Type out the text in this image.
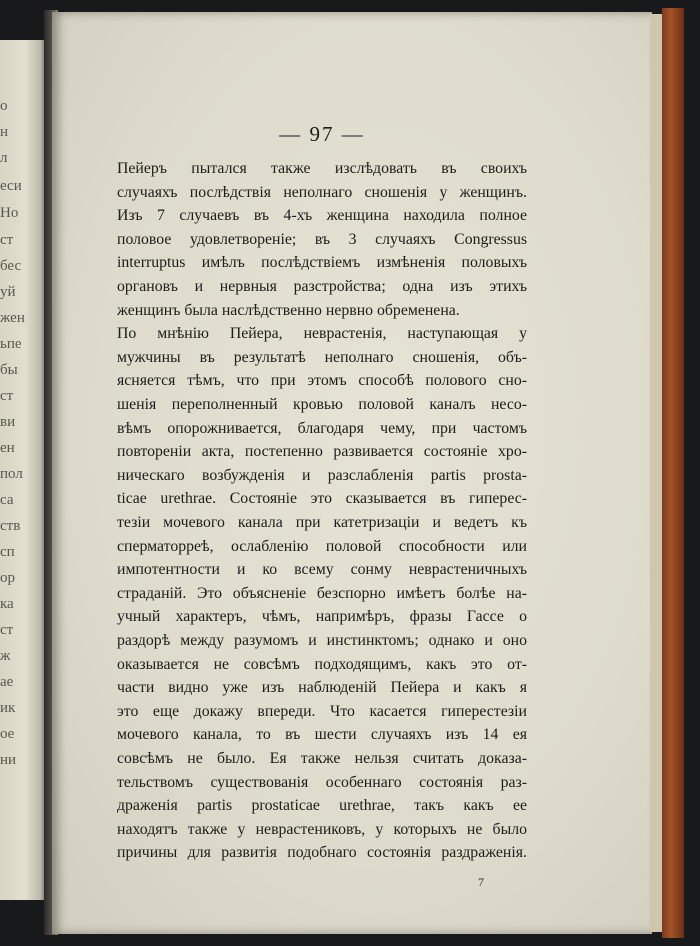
о
н
л
еси
Но
ст
бес
уй
жен
ьпе
бы
ст
ви
ен
пол
са
ств
сп
ор
ка
ст
ж
ае
ик
ое
ни
— 97 —
Пейеръ пытался также изслѣдовать въ своихъ
случаяхъ послѣдствія неполнаго сношенія у женщинъ.
Изъ 7 случаевъ въ 4-хъ женщина находила полное
половое удовлетвореніе; въ 3 случаяхъ Congressus
interruptus имѣлъ послѣдствіемъ измѣненія половыхъ
органовъ и нервныя разстройства; одна изъ этихъ
женщинъ была наслѣдственно нервно обременена.
По мнѣнію Пейера, неврастенія, наступающая у
мужчины въ результатѣ неполнаго сношенія, объ-
ясняется тѣмъ, что при этомъ способѣ полового сно-
шенія переполненный кровью половой каналъ несо-
вѣмъ опорожнивается, благодаря чему, при частомъ
повтореніи акта, постепенно развивается состояніе хро-
ническаго возбужденія и разслабленія partis prosta-
ticae urethrae. Состояніе это сказывается въ гиперес-
тезіи мочевого канала при катетризаціи и ведетъ къ
сперматорреѣ, ослабленію половой способности или
импотентности и ко всему сонму неврастеничныхъ
страданій. Это объясненіе безспорно имѣетъ болѣе на-
учный характеръ, чѣмъ, напримѣръ, фразы Гассе о
раздорѣ между разумомъ и инстинктомъ; однако и оно
оказывается не совсѣмъ подходящимъ, какъ это от-
части видно уже изъ наблюденій Пейера и какъ я
это еще докажу впереди. Что касается гиперестезіи
мочевого канала, то въ шести случаяхъ изъ 14 ея
совсѣмъ не было. Ея также нельзя считать доказа-
тельствомъ существованія особеннаго состоянія раз-
драженія partis prostaticae urethrae, такъ какъ ее
находятъ также у неврастениковъ, у которыхъ не было
причины для развитія подобнаго состоянія раздраженія.
7
